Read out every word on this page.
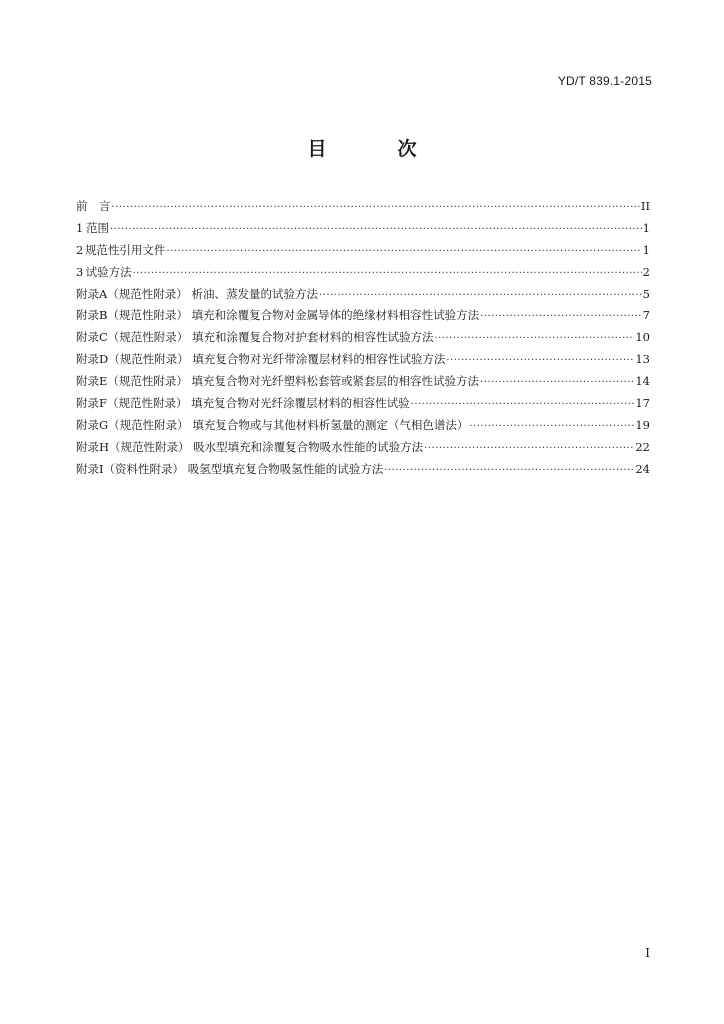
YD/T 839.1-2015
目　次
前　言 ·····	II
1 范围 ·····	1
2 规范性引用文件 ·····	1
3 试验方法 ·····	2
附录A（规范性附录） 析油、蒸发量的试验方法 ·····	5
附录B（规范性附录） 填充和涂覆复合物对金属导体的绝缘材料相容性试验方法 ·····	7
附录C（规范性附录） 填充和涂覆复合物对护套材料的相容性试验方法 ·····	10
附录D（规范性附录） 填充复合物对光纤带涂覆层材料的相容性试验方法 ·····	13
附录E（规范性附录） 填充复合物对光纤塑料松套管或紧套层的相容性试验方法 ·····	14
附录F（规范性附录） 填充复合物对光纤涂覆层材料的相容性试验 ·····	17
附录G（规范性附录） 填充复合物或与其他材料析氢量的测定（气相色谱法） ·····	19
附录H（规范性附录） 吸水型填充和涂覆复合物吸水性能的试验方法 ·····	22
附录I（资料性附录） 吸氢型填充复合物吸氢性能的试验方法 ·····	24
I
